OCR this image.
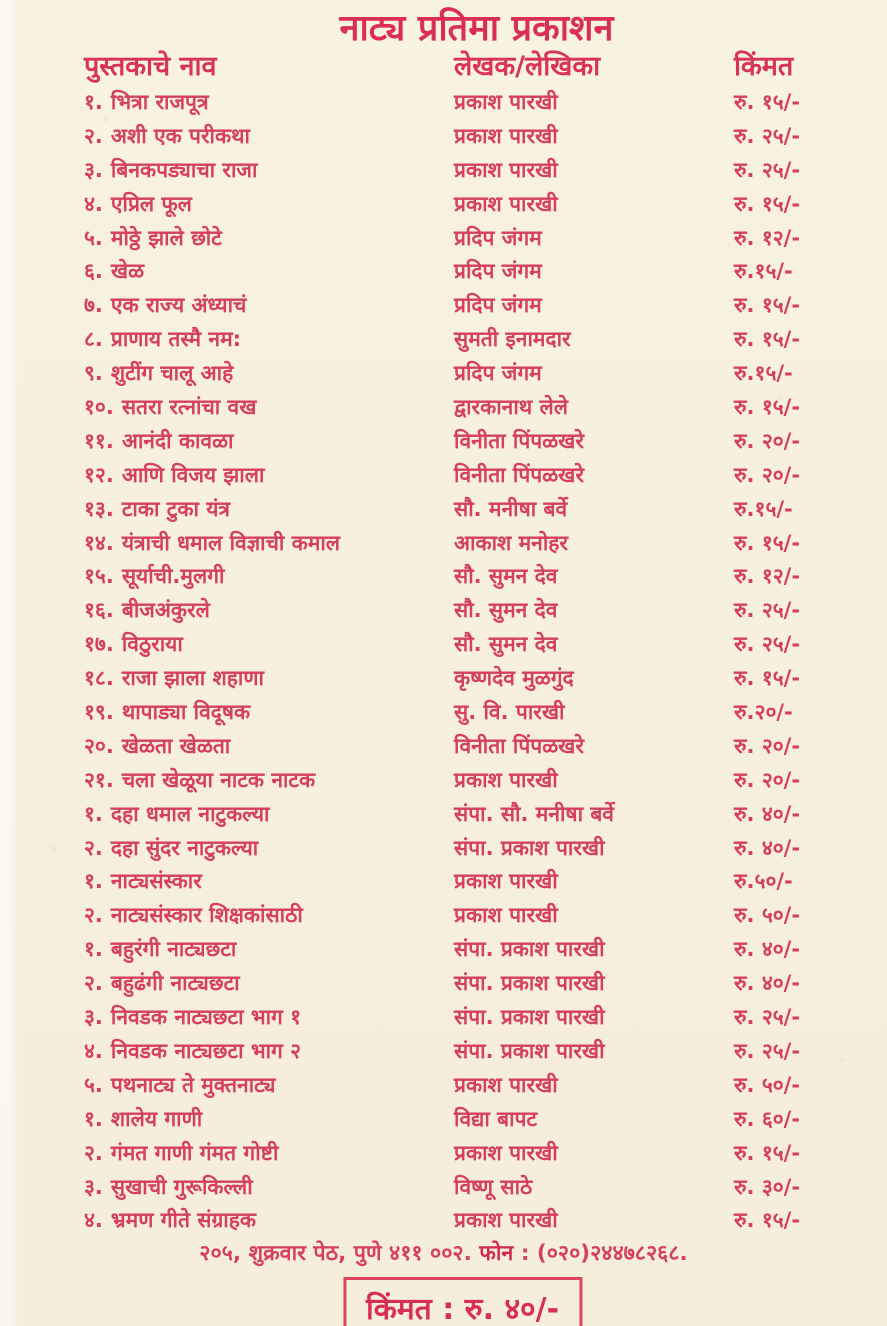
नाट्य प्रतिमा प्रकाशन
पुस्तकाचे नाव	लेखक/लेखिका	किंमत
१. भित्रा राजपूत्र	प्रकाश पारखी	रु. १५/-
२. अशी एक परीकथा	प्रकाश पारखी	रु. २५/-
३. बिनकपड्याचा राजा	प्रकाश पारखी	रु. २५/-
४. एप्रिल फूल	प्रकाश पारखी	रु. १५/-
५. मोठ्ठे झाले छोटे	प्रदिप जंगम	रु. १२/-
६. खेळ	प्रदिप जंगम	रु.१५/-
७. एक राज्य अंध्याचं	प्रदिप जंगम	रु. १५/-
८. प्राणाय तस्मै नम:	सुमती इनामदार	रु. १५/-
९. शुटींग चालू आहे	प्रदिप जंगम	रु.१५/-
१०. सतरा रत्नांचा वख	द्वारकानाथ लेले	रु. १५/-
११. आनंदी कावळा	विनीता पिंपळखरे	रु. २०/-
१२. आणि विजय झाला	विनीता पिंपळखरे	रु. २०/-
१३. टाका टुका यंत्र	सौ. मनीषा बर्वे	रु.१५/-
१४. यंत्राची धमाल विज्ञाची कमाल	आकाश मनोहर	रु. १५/-
१५. सूर्याची.मुलगी	सौ. सुमन देव	रु. १२/-
१६. बीजअंकुरले	सौ. सुमन देव	रु. २५/-
१७. विठुराया	सौ. सुमन देव	रु. २५/-
१८. राजा झाला शहाणा	कृष्णदेव मुळगुंद	रु. १५/-
१९. थापाड्या विदूषक	सु. वि. पारखी	रु.२०/-
२०. खेळता खेळता	विनीता पिंपळखरे	रु. २०/-
२१. चला खेळूया नाटक नाटक	प्रकाश पारखी	रु. २०/-
१. दहा धमाल नाटुकल्या	संपा. सौ. मनीषा बर्वे	रु. ४०/-
२. दहा सुंदर नाटुकल्या	संपा. प्रकाश पारखी	रु. ४०/-
१. नाट्यसंस्कार	प्रकाश पारखी	रु.५०/-
२. नाट्यसंस्कार शिक्षकांसाठी	प्रकाश पारखी	रु. ५०/-
१. बहुरंगी नाट्यछटा	संपा. प्रकाश पारखी	रु. ४०/-
२. बहुढंगी नाट्यछटा	संपा. प्रकाश पारखी	रु. ४०/-
३. निवडक नाट्यछटा भाग १	संपा. प्रकाश पारखी	रु. २५/-
४. निवडक नाट्यछटा भाग २	संपा. प्रकाश पारखी	रु. २५/-
५. पथनाट्य ते मुक्तनाट्य	प्रकाश पारखी	रु. ५०/-
१. शालेय गाणी	विद्या बापट	रु. ६०/-
२. गंमत गाणी गंमत गोष्टी	प्रकाश पारखी	रु. १५/-
३. सुखाची गुरूकिल्ली	विष्णू साठे	रु. ३०/-
४. भ्रमण गीते संग्राहक	प्रकाश पारखी	रु. १५/-
२०५, शुक्रवार पेठ, पुणे ४११ ००२. फोन : (०२०)२४४७८२६८.
किंमत : रु. ४०/-
